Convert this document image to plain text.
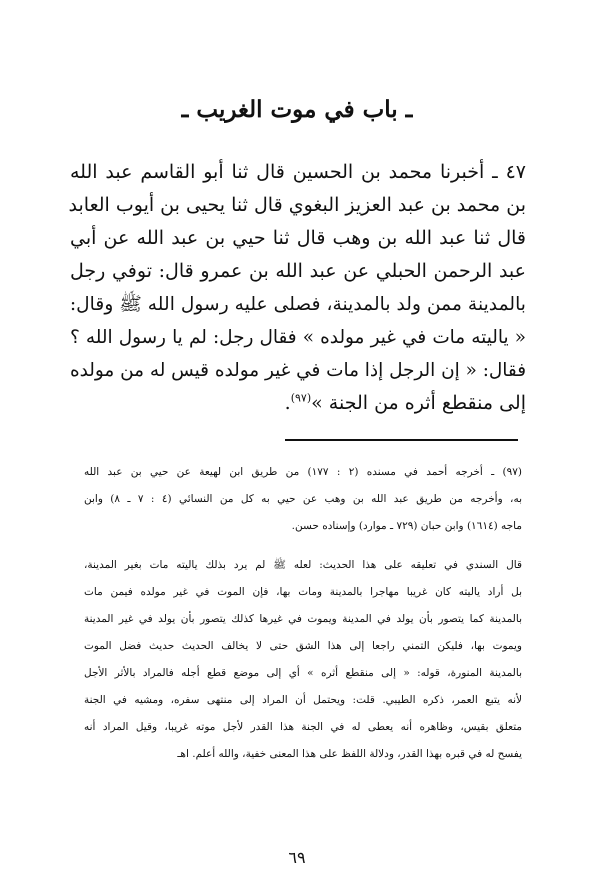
ـ باب في موت الغريب ـ
٤٧ ـ أخبرنا محمد بن الحسين قال ثنا أبو القاسم عبد الله
بن محمد بن عبد العزيز البغوي قال ثنا يحيى بن أيوب العابد
قال ثنا عبد الله بن وهب قال ثنا حيي بن عبد الله عن أبي
عبد الرحمن الحبلي عن عبد الله بن عمرو قال: توفي رجل
بالمدينة ممن ولد بالمدينة، فصلى عليه رسول الله ﷺ وقال:
« ياليته مات في غير مولده » فقال رجل: لم يا رسول الله ؟
فقال: « إن الرجل إذا مات في غير مولده قيس له من مولده
إلى منقطع أثره من الجنة »$^{(٩٧)}$.
(٩٧) ـ أخرجه أحمد في مسنده (٢ : ١٧٧) من طريق ابن لهيعة عن حيي بن عبد الله
به، وأخرجه من طريق عبد الله بن وهب عن حيي به كل من النسائي (٤ : ٧ ـ ٨) وابن
ماجه (١٦١٤) وابن حبان (٧٢٩ ـ موارد) وإسناده حسن.
قال السندي في تعليقه على هذا الحديث: لعله ﷺ لم يرد بذلك ياليته مات بغير المدينة،
بل أراد ياليته كان غريبا مهاجرا بالمدينة ومات بها، فإن الموت في غير مولده فيمن مات
بالمدينة كما يتصور بأن يولد في المدينة ويموت في غيرها كذلك يتصور بأن يولد في غير المدينة
ويموت بها، فليكن التمني راجعا إلى هذا الشق حتى لا يخالف الحديث حديث فضل الموت
بالمدينة المنورة، قوله: « إلى منقطع أثره » أي إلى موضع قطع أجله فالمراد بالأثر الأجل
لأنه يتبع العمر، ذكره الطيبي. قلت: ويحتمل أن المراد إلى منتهى سفره، ومشيه في الجنة
متعلق بقيس، وظاهره أنه يعطى له في الجنة هذا القدر لأجل موته غريبا، وقيل المراد أنه
يفسح له في قبره بهذا القدر، ودلالة اللفظ على هذا المعنى خفية، والله أعلم. اهـ
٦٩
